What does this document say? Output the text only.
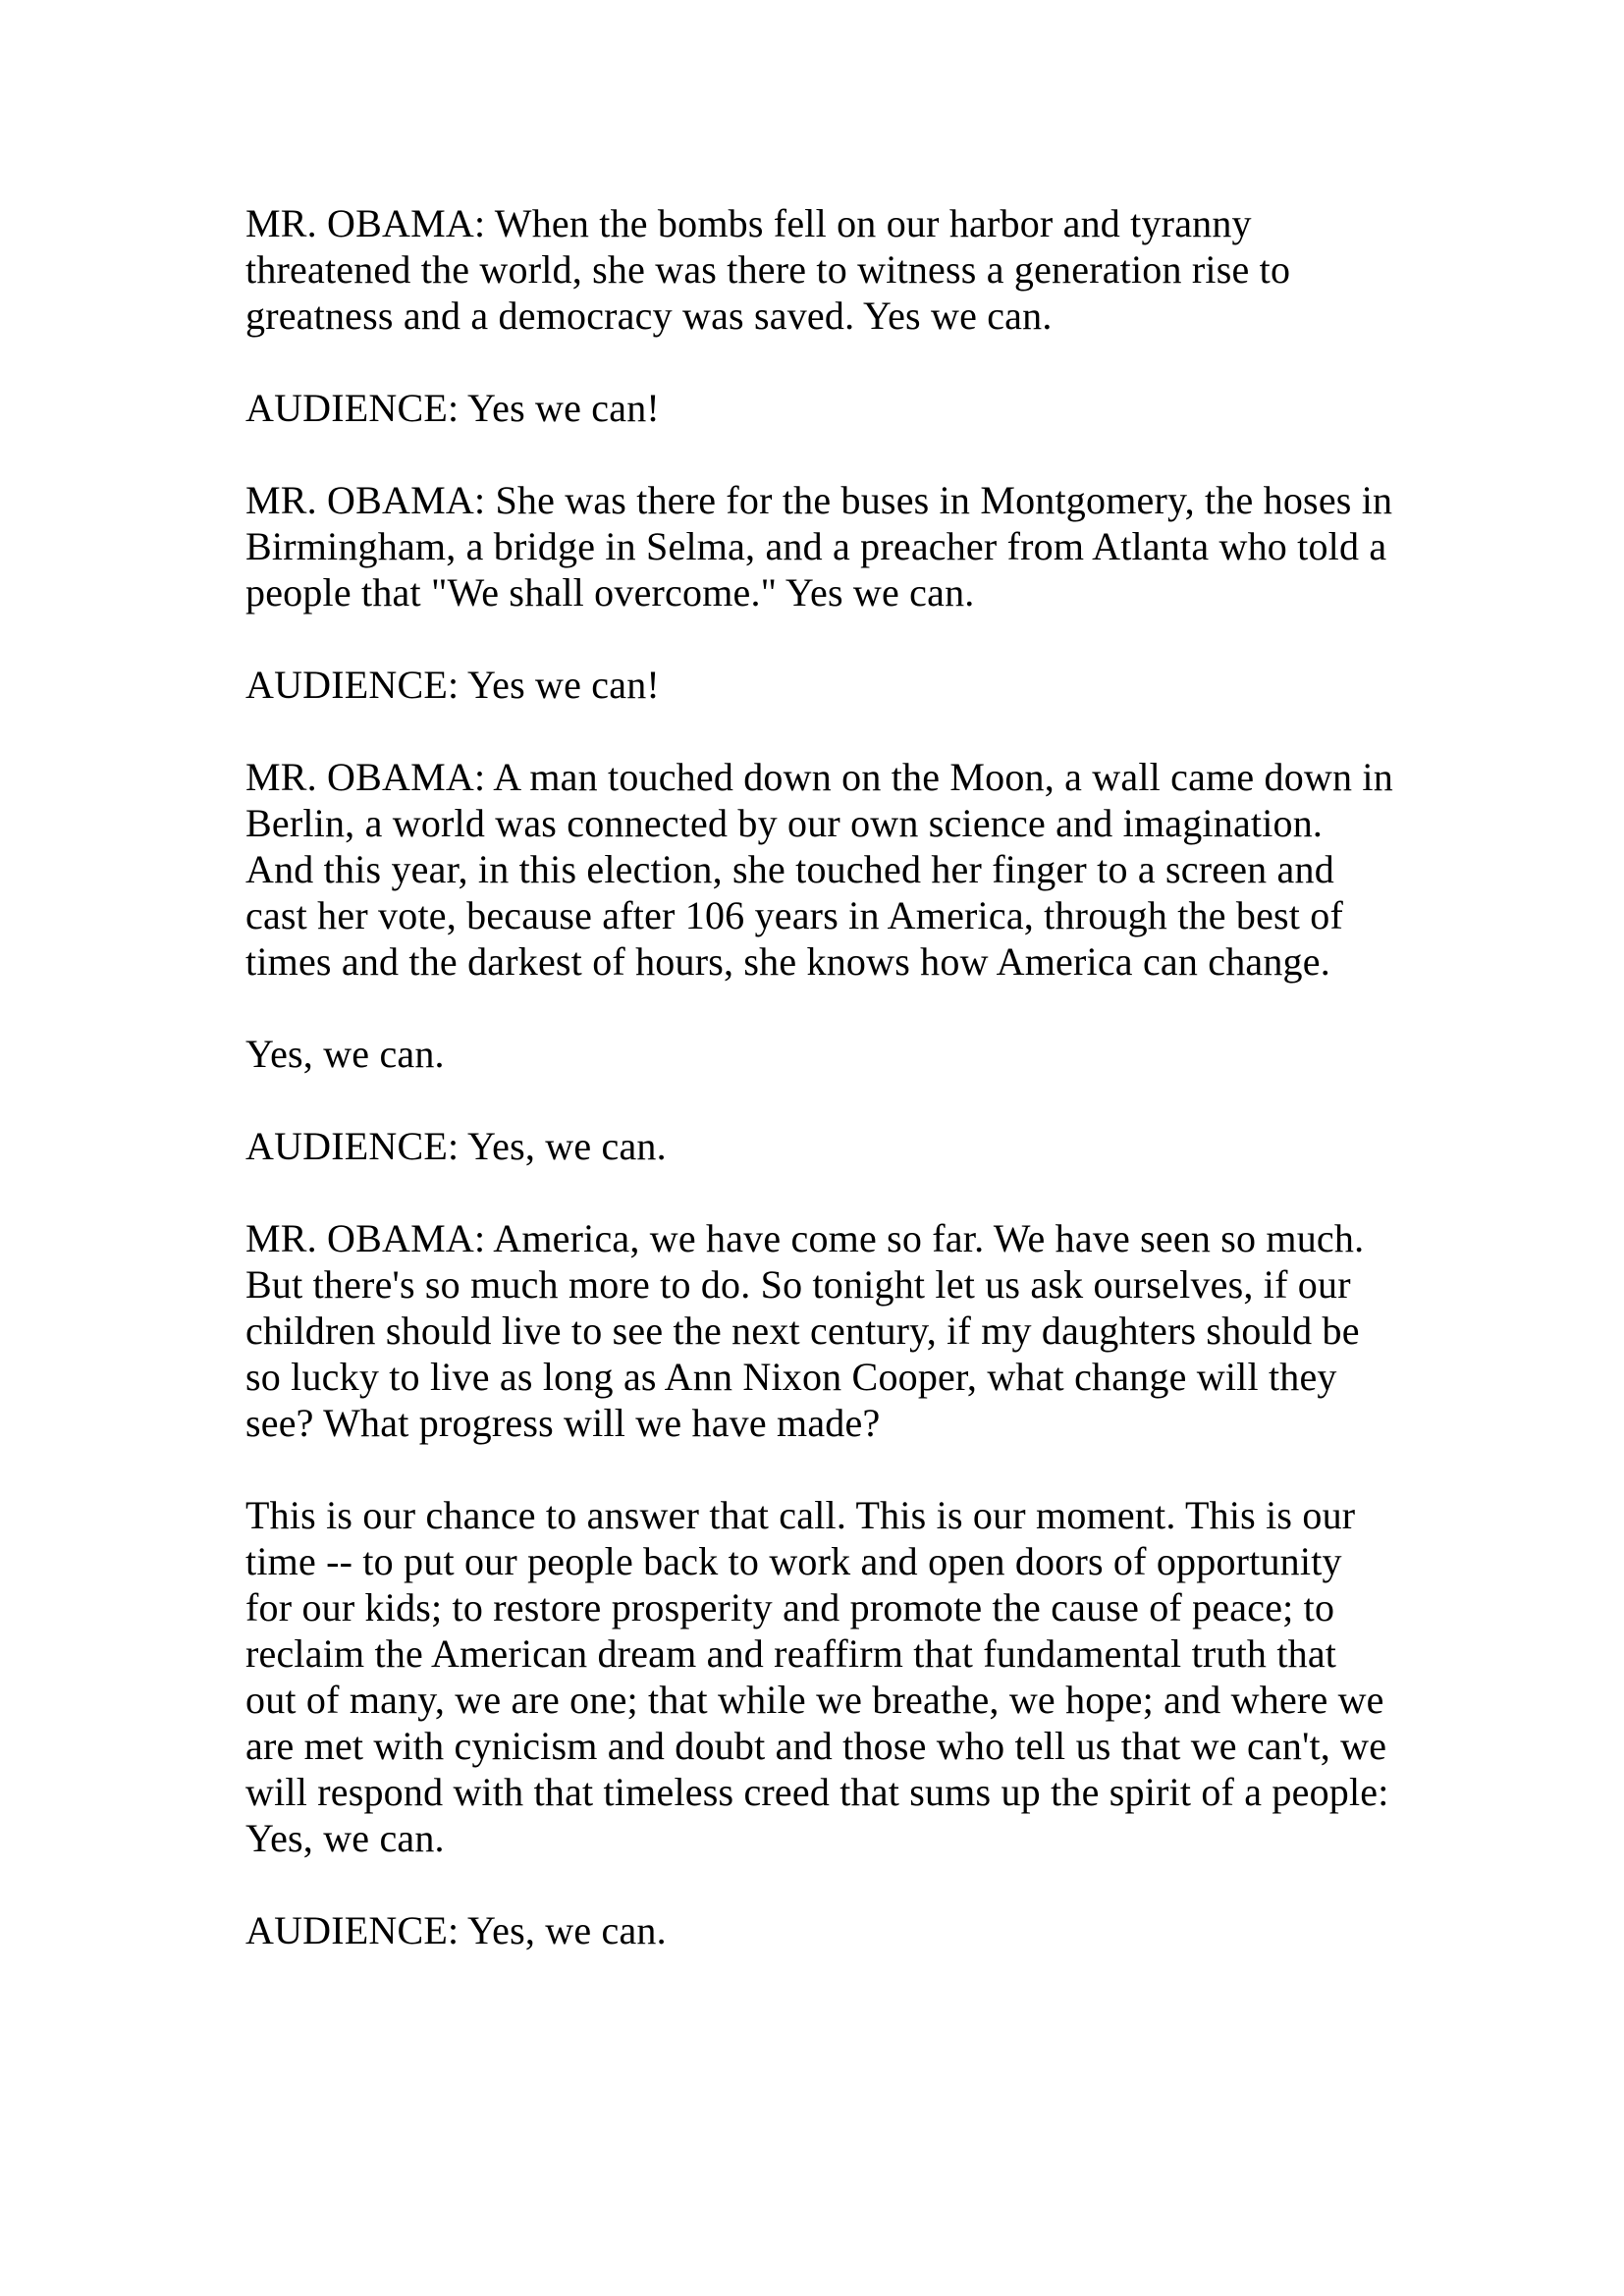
MR. OBAMA: When the bombs fell on our harbor and tyranny threatened the world, she was there to witness a generation rise to greatness and a democracy was saved. Yes we can.

AUDIENCE: Yes we can!

MR. OBAMA: She was there for the buses in Montgomery, the hoses in Birmingham, a bridge in Selma, and a preacher from Atlanta who told a people that "We shall overcome." Yes we can.

AUDIENCE: Yes we can!

MR. OBAMA: A man touched down on the Moon, a wall came down in Berlin, a world was connected by our own science and imagination. And this year, in this election, she touched her finger to a screen and cast her vote, because after 106 years in America, through the best of times and the darkest of hours, she knows how America can change.

Yes, we can.

AUDIENCE: Yes, we can.

MR. OBAMA: America, we have come so far. We have seen so much. But there's so much more to do. So tonight let us ask ourselves, if our children should live to see the next century, if my daughters should be so lucky to live as long as Ann Nixon Cooper, what change will they see? What progress will we have made?

This is our chance to answer that call. This is our moment. This is our time -- to put our people back to work and open doors of opportunity for our kids; to restore prosperity and promote the cause of peace; to reclaim the American dream and reaffirm that fundamental truth that out of many, we are one; that while we breathe, we hope; and where we are met with cynicism and doubt and those who tell us that we can't, we will respond with that timeless creed that sums up the spirit of a people: Yes, we can.

AUDIENCE: Yes, we can.
